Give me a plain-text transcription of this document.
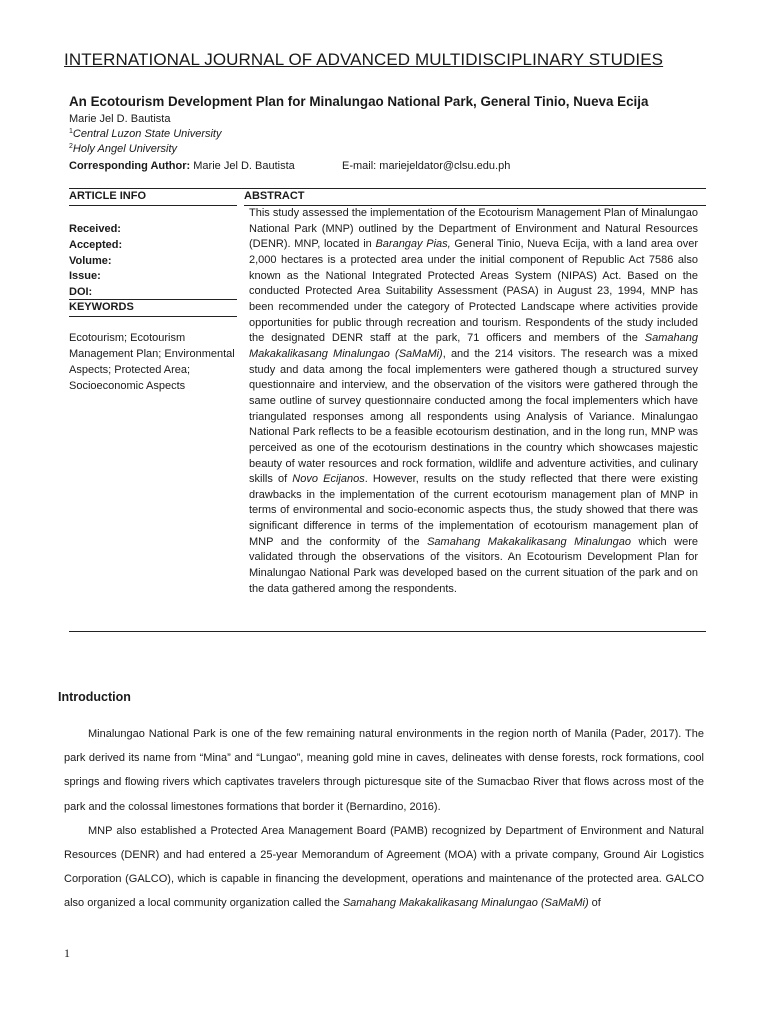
INTERNATIONAL JOURNAL OF ADVANCED MULTIDISCIPLINARY STUDIES
An Ecotourism Development Plan for Minalungao National Park, General Tinio, Nueva Ecija
Marie Jel D. Bautista
$^1$Central Luzon State University
$^2$Holy Angel University
Corresponding Author: Marie Jel D. Bautista	E-mail: mariejeldator@clsu.edu.ph
ARTICLE INFO	ABSTRACT
Received:
Accepted:
Volume:
Issue:
DOI:
KEYWORDS
Ecotourism; Ecotourism Management Plan; Environmental Aspects; Protected Area; Socioeconomic Aspects
This study assessed the implementation of the Ecotourism Management Plan of Minalungao National Park (MNP) outlined by the Department of Environment and Natural Resources (DENR). MNP, located in Barangay Pias, General Tinio, Nueva Ecija, with a land area over 2,000 hectares is a protected area under the initial component of Republic Act 7586 also known as the National Integrated Protected Areas System (NIPAS) Act. Based on the conducted Protected Area Suitability Assessment (PASA) in August 23, 1994, MNP has been recommended under the category of Protected Landscape where activities provide opportunities for public through recreation and tourism. Respondents of the study included the designated DENR staff at the park, 71 officers and members of the Samahang Makakalikasang Minalungao (SaMaMi), and the 214 visitors. The research was a mixed study and data among the focal implementers were gathered though a structured survey questionnaire and interview, and the observation of the visitors were gathered through the same outline of survey questionnaire conducted among the focal implementers which have triangulated responses among all respondents using Analysis of Variance. Minalungao National Park reflects to be a feasible ecotourism destination, and in the long run, MNP was perceived as one of the ecotourism destinations in the country which showcases majestic beauty of water resources and rock formation, wildlife and adventure activities, and culinary skills of Novo Ecijanos. However, results on the study reflected that there were existing drawbacks in the implementation of the current ecotourism management plan of MNP in terms of environmental and socio-economic aspects thus, the study showed that there was significant difference in terms of the implementation of ecotourism management plan of MNP and the conformity of the Samahang Makakalikasang Minalungao which were validated through the observations of the visitors. An Ecotourism Development Plan for Minalungao National Park was developed based on the current situation of the park and on the data gathered among the respondents.
Introduction

Minalungao National Park is one of the few remaining natural environments in the region north of Manila (Pader, 2017). The park derived its name from “Mina” and “Lungao”, meaning gold mine in caves, delineates with dense forests, rock formations, cool springs and flowing rivers which captivates travelers through picturesque site of the Sumacbao River that flows across most of the park and the colossal limestones formations that border it (Bernardino, 2016).

MNP also established a Protected Area Management Board (PAMB) recognized by Department of Environment and Natural Resources (DENR) and had entered a 25-year Memorandum of Agreement (MOA) with a private company, Ground Air Logistics Corporation (GALCO), which is capable in financing the development, operations and maintenance of the protected area. GALCO also organized a local community organization called the Samahang Makakalikasang Minalungao (SaMaMi) of

1
